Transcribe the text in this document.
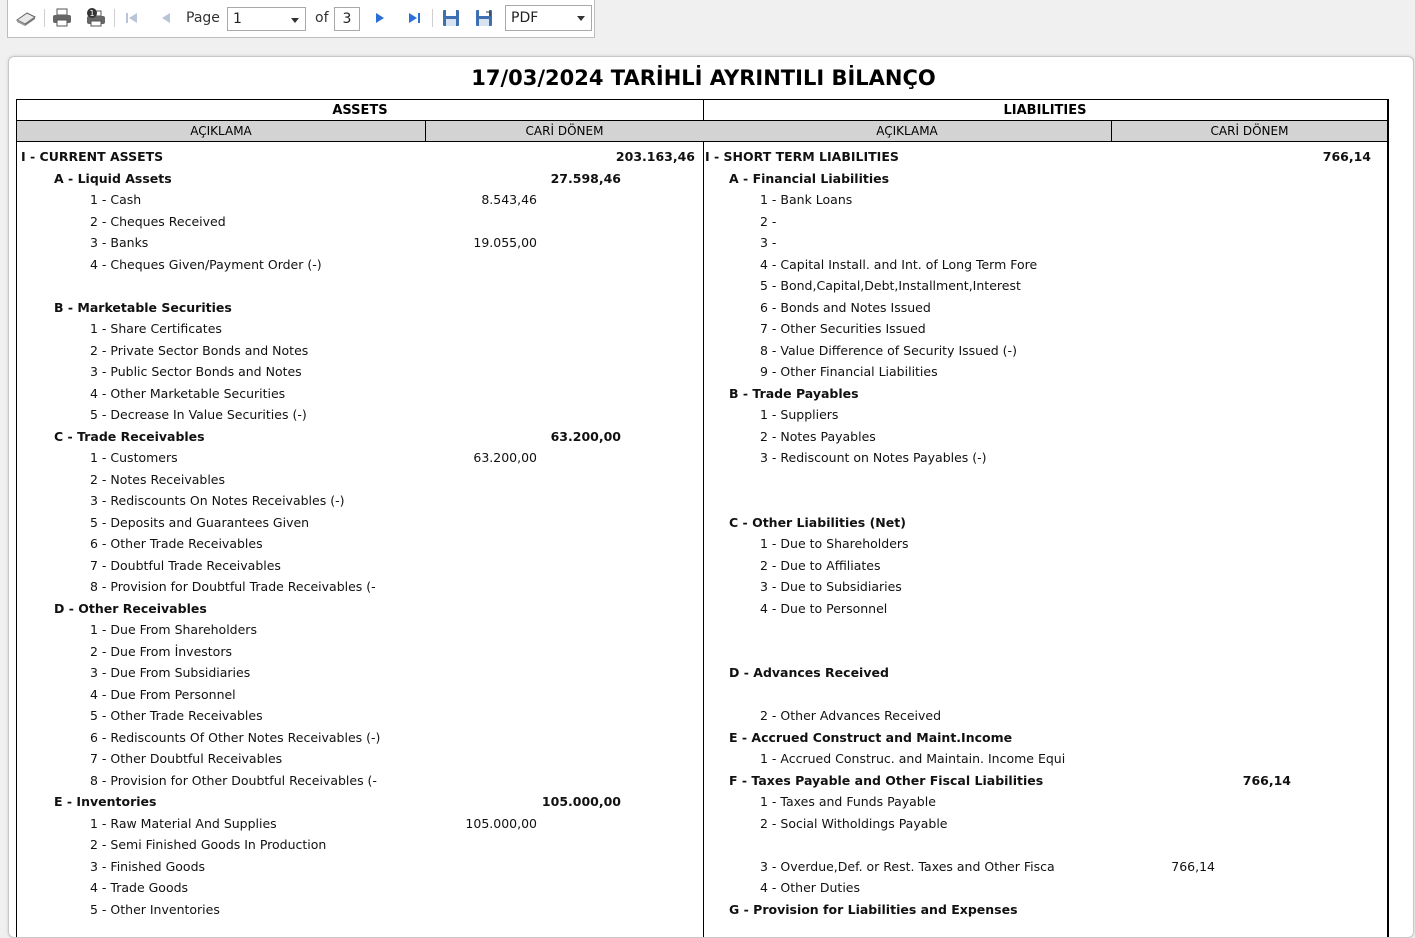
1	Page 1	of	3	PDF
17/03/2024 TARİHLİ AYRINTILI BİLANÇO
ASSETS
AÇIKLAMA	CARİ DÖNEM
I - CURRENT ASSETS	203.163,46
A - Liquid Assets	27.598,46
1 - Cash	8.543,46
2 - Cheques Received
3 - Banks	19.055,00
4 - Cheques Given/Payment Order (-)
B - Marketable Securities
1 - Share Certificates
2 - Private Sector Bonds and Notes
3 - Public Sector Bonds and Notes
4 - Other Marketable Securities
5 - Decrease In Value Securities (-)
C - Trade Receivables	63.200,00
1 - Customers	63.200,00
2 - Notes Receivables
3 - Rediscounts On Notes Receivables (-)
5 - Deposits and Guarantees Given
6 - Other Trade Receivables
7 - Doubtful Trade Receivables
8 - Provision for Doubtful Trade Receivables (-
D - Other Receivables
1 - Due From Shareholders
2 - Due From İnvestors
3 - Due From Subsidiaries
4 - Due From Personnel
5 - Other Trade Receivables
6 - Rediscounts Of Other Notes Receivables (-)
7 - Other Doubtful Receivables
8 - Provision for Other Doubtful Receivables (-
E - Inventories	105.000,00
1 - Raw Material And Supplies	105.000,00
2 - Semi Finished Goods In Production
3 - Finished Goods
4 - Trade Goods
5 - Other Inventories
LIABILITIES
AÇIKLAMA	CARİ DÖNEM
I - SHORT TERM LIABILITIES	766,14
A - Financial Liabilities
1 - Bank Loans
2 -
3 -
4 - Capital Install. and Int. of Long Term Fore
5 - Bond,Capital,Debt,Installment,Interest
6 - Bonds and Notes Issued
7 - Other Securities Issued
8 - Value Difference of Security Issued (-)
9 - Other Financial Liabilities
B - Trade Payables
1 - Suppliers
2 - Notes Payables
3 - Rediscount on Notes Payables (-)
C - Other Liabilities (Net)
1 - Due to Shareholders
2 - Due to Affiliates
3 - Due to Subsidiaries
4 - Due to Personnel
D - Advances Received
2 - Other Advances Received
E - Accrued Construct and Maint.Income
1 - Accrued Construc. and Maintain. Income Equi
F - Taxes Payable and Other Fiscal Liabilities	766,14
1 - Taxes and Funds Payable
2 - Social Witholdings Payable
3 - Overdue,Def. or Rest. Taxes and Other Fisca	766,14
4 - Other Duties
G - Provision for Liabilities and Expenses
